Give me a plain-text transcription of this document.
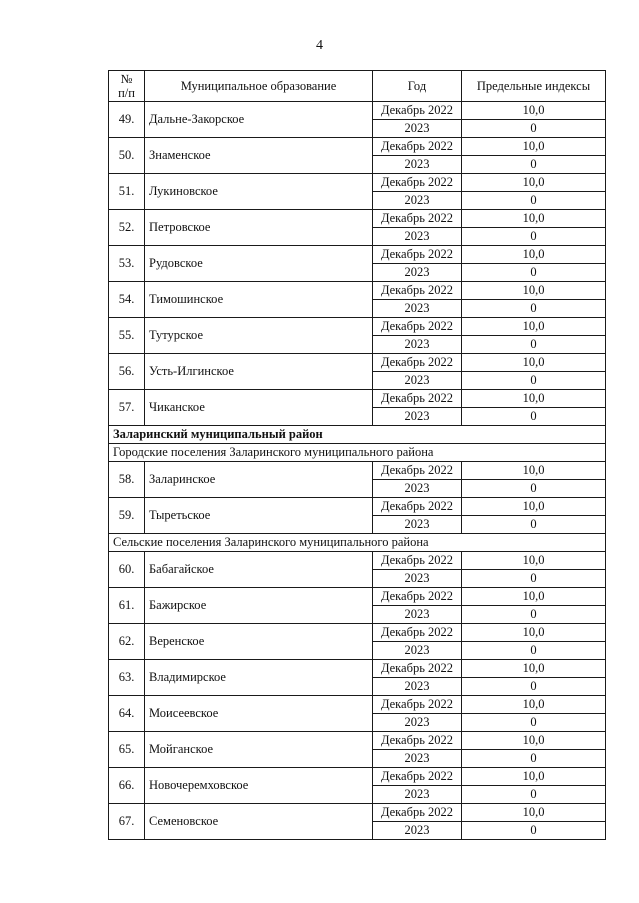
4
№
п/п	Муниципальное образование	Год	Предельные индексы
49.	Дальне-Закорское	Декабрь 2022	10,0
		2023	0
50.	Знаменское	Декабрь 2022	10,0
		2023	0
51.	Лукиновское	Декабрь 2022	10,0
		2023	0
52.	Петровское	Декабрь 2022	10,0
		2023	0
53.	Рудовское	Декабрь 2022	10,0
		2023	0
54.	Тимошинское	Декабрь 2022	10,0
		2023	0
55.	Тутурское	Декабрь 2022	10,0
		2023	0
56.	Усть-Илгинское	Декабрь 2022	10,0
		2023	0
57.	Чиканское	Декабрь 2022	10,0
		2023	0
Заларинский муниципальный район			
Городские поселения Заларинского муниципального района			
58.	Заларинское	Декабрь 2022	10,0
		2023	0
59.	Тыретьское	Декабрь 2022	10,0
		2023	0
Сельские поселения Заларинского муниципального района			
60.	Бабагайское	Декабрь 2022	10,0
		2023	0
61.	Бажирское	Декабрь 2022	10,0
		2023	0
62.	Веренское	Декабрь 2022	10,0
		2023	0
63.	Владимирское	Декабрь 2022	10,0
		2023	0
64.	Моисеевское	Декабрь 2022	10,0
		2023	0
65.	Мойганское	Декабрь 2022	10,0
		2023	0
66.	Новочеремховское	Декабрь 2022	10,0
		2023	0
67.	Семеновское	Декабрь 2022	10,0
		2023	0
